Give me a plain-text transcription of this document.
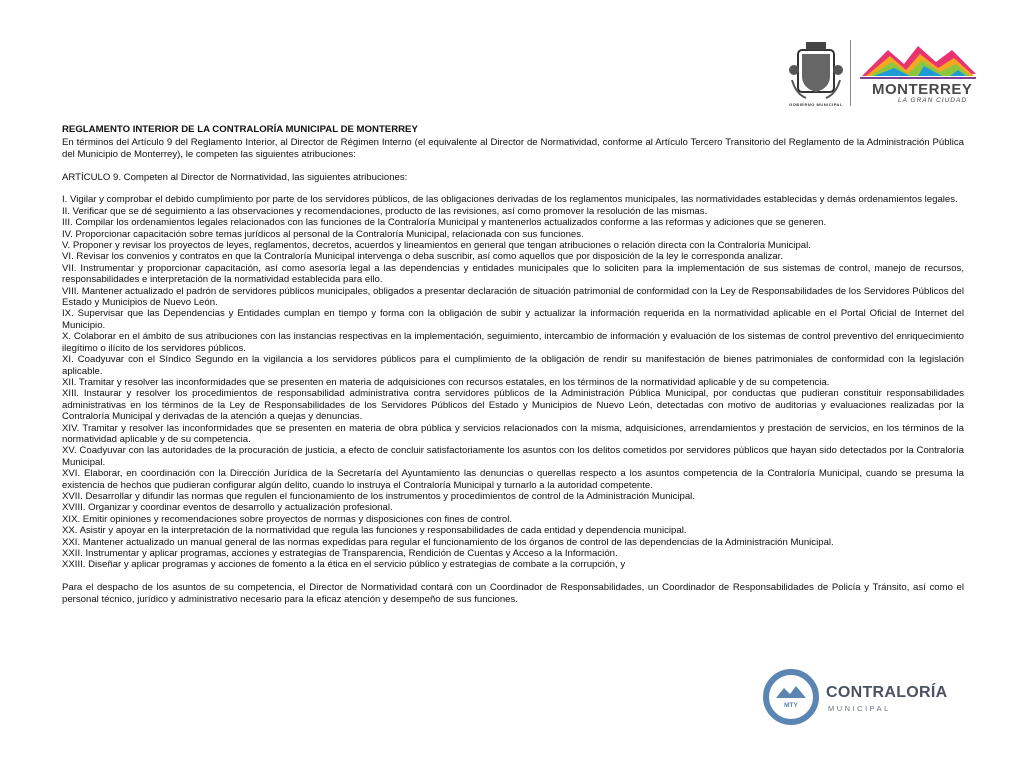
GOBIERNO MUNICIPAL
MONTERREY
LA GRAN CIUDAD

REGLAMENTO INTERIOR DE LA CONTRALORÍA MUNICIPAL DE MONTERREY

En términos del Artículo 9 del Reglamento Interior, al Director de Régimen Interno (el equivalente al Director de Normatividad, conforme al Artículo Tercero Transitorio del Reglamento de la Administración Pública del Municipio de Monterrey), le competen las siguientes atribuciones:

ARTÍCULO 9. Competen al Director de Normatividad, las siguientes atribuciones:

I. Vigilar y comprobar el debido cumplimiento por parte de los servidores públicos, de las obligaciones derivadas de los reglamentos municipales, las normatividades establecidas y demás ordenamientos legales.

II. Verificar que se dé seguimiento a las observaciones y recomendaciones, producto de las revisiones, así como promover la resolución de las mismas.

III. Compilar los ordenamientos legales relacionados con las funciones de la Contraloría Municipal y mantenerlos actualizados conforme a las reformas y adiciones que se generen.

IV. Proporcionar capacitación sobre temas jurídicos al personal de la Contraloría Municipal, relacionada con sus funciones.

V. Proponer y revisar los proyectos de leyes, reglamentos, decretos, acuerdos y lineamientos en general que tengan atribuciones o relación directa con la Contraloría Municipal.

VI. Revisar los convenios y contratos en que la Contraloría Municipal intervenga o deba suscribir, así como aquellos que por disposición de la ley le corresponda analizar.

VII. Instrumentar y proporcionar capacitación, así como asesoría legal a las dependencias y entidades municipales que lo soliciten para la implementación de sus sistemas de control, manejo de recursos, responsabilidades e interpretación de la normatividad establecida para ello.

VIII. Mantener actualizado el padrón de servidores públicos municipales, obligados a presentar declaración de situación patrimonial de conformidad con la Ley de Responsabilidades de los Servidores Públicos del Estado y Municipios de Nuevo León.

IX. Supervisar que las Dependencias y Entidades cumplan en tiempo y forma con la obligación de subir y actualizar la información requerida en la normatividad aplicable en el Portal Oficial de Internet del Municipio.

X. Colaborar en el ámbito de sus atribuciones con las instancias respectivas en la implementación, seguimiento, intercambio de información y evaluación de los sistemas de control preventivo del enriquecimiento ilegítimo o ilícito de los servidores públicos.

XI. Coadyuvar con el Síndico Segundo en la vigilancia a los servidores públicos para el cumplimiento de la obligación de rendir su manifestación de bienes patrimoniales de conformidad con la legislación aplicable.

XII. Tramitar y resolver las inconformidades que se presenten en materia de adquisiciones con recursos estatales, en los términos de la normatividad aplicable y de su competencia.

XIII. Instaurar y resolver los procedimientos de responsabilidad administrativa contra servidores públicos de la Administración Pública Municipal, por conductas que pudieran constituir responsabilidades administrativas en los términos de la Ley de Responsabilidades de los Servidores Públicos del Estado y Municipios de Nuevo León, detectadas con motivo de auditorias y evaluaciones realizadas por la Contraloría Municipal y derivadas de la atención a quejas y denuncias.

XIV. Tramitar y resolver las inconformidades que se presenten en materia de obra pública y servicios relacionados con la misma, adquisiciones, arrendamientos y prestación de servicios, en los términos de la normatividad aplicable y de su competencia.

XV. Coadyuvar con las autoridades de la procuración de justicia, a efecto de concluir satisfactoriamente los asuntos con los delitos cometidos por servidores públicos que hayan sido detectados por la Contraloría Municipal.

XVI. Elaborar, en coordinación con la Dirección Jurídica de la Secretaría del Ayuntamiento las denuncias o querellas respecto a los asuntos competencia de la Contraloría Municipal, cuando se presuma la existencia de hechos que pudieran configurar algún delito, cuando lo instruya el Contraloría Municipal y turnarlo a la autoridad competente.

XVII. Desarrollar y difundir las normas que regulen el funcionamiento de los instrumentos y procedimientos de control de la Administración Municipal.

XVIII. Organizar y coordinar eventos de desarrollo y actualización profesional.

XIX. Emitir opiniones y recomendaciones sobre proyectos de normas y disposiciones con fines de control.

XX. Asistir y apoyar en la interpretación de la normatividad que regula las funciones y responsabilidades de cada entidad y dependencia municipal.

XXI. Mantener actualizado un manual general de las normas expedidas para regular el funcionamiento de los órganos de control de las dependencias de la Administración Municipal.

XXII. Instrumentar y aplicar programas, acciones y estrategias de Transparencia, Rendición de Cuentas y Acceso a la Información.

XXIII. Diseñar y aplicar programas y acciones de fomento a la ética en el servicio público y estrategias de combate a la corrupción, y

Para el despacho de los asuntos de su competencia, el Director de Normatividad contará con un Coordinador de Responsabilidades, un Coordinador de Responsabilidades de Policía y Tránsito, así como el personal técnico, jurídico y administrativo necesario para la eficaz atención y desempeño de sus funciones.

MTY
CONTRALORÍA
MUNICIPAL
